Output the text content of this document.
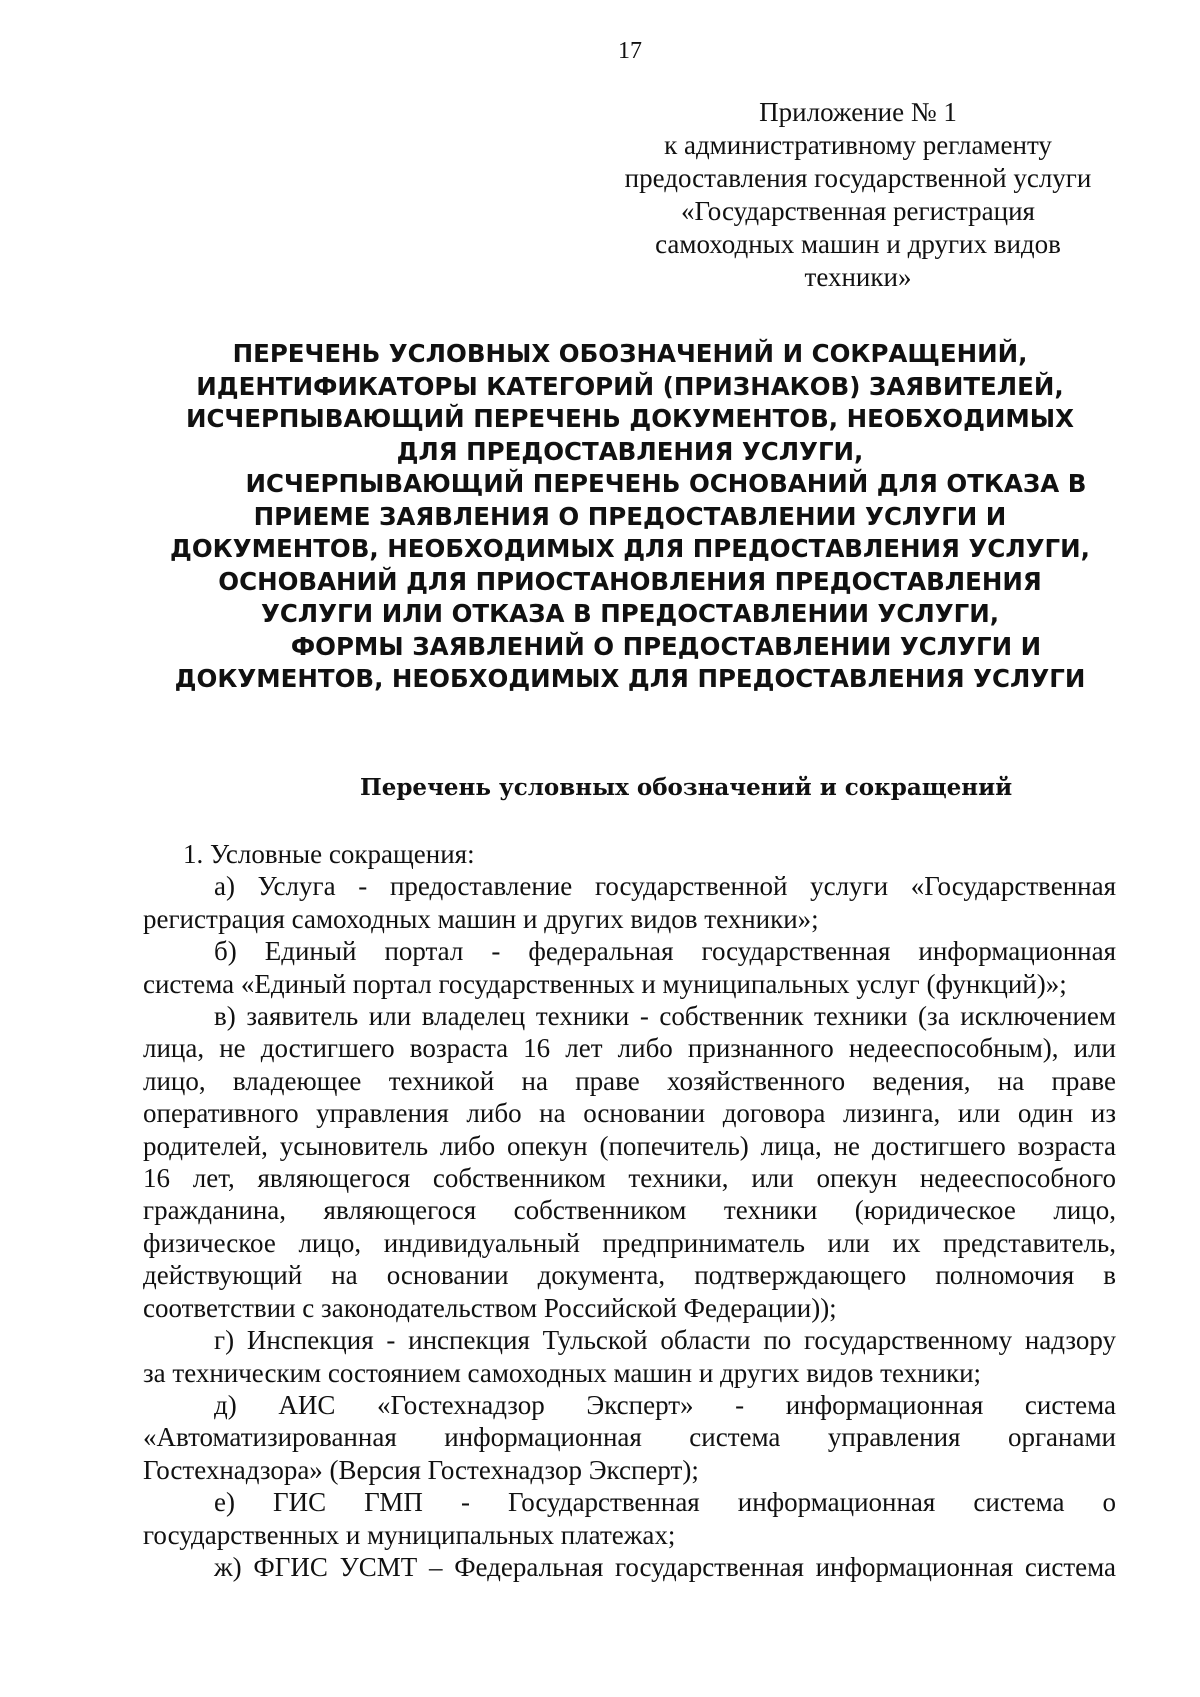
17
Приложение № 1
к административному регламенту
предоставления государственной услуги
«Государственная регистрация
самоходных машин и других видов
техники»
ПЕРЕЧЕНЬ УСЛОВНЫХ ОБОЗНАЧЕНИЙ И СОКРАЩЕНИЙ,
ИДЕНТИФИКАТОРЫ КАТЕГОРИЙ (ПРИЗНАКОВ) ЗАЯВИТЕЛЕЙ,
ИСЧЕРПЫВАЮЩИЙ ПЕРЕЧЕНЬ ДОКУМЕНТОВ, НЕОБХОДИМЫХ
ДЛЯ ПРЕДОСТАВЛЕНИЯ УСЛУГИ,
ИСЧЕРПЫВАЮЩИЙ ПЕРЕЧЕНЬ ОСНОВАНИЙ ДЛЯ ОТКАЗА В
ПРИЕМЕ ЗАЯВЛЕНИЯ О ПРЕДОСТАВЛЕНИИ УСЛУГИ И
ДОКУМЕНТОВ, НЕОБХОДИМЫХ ДЛЯ ПРЕДОСТАВЛЕНИЯ УСЛУГИ,
ОСНОВАНИЙ ДЛЯ ПРИОСТАНОВЛЕНИЯ ПРЕДОСТАВЛЕНИЯ
УСЛУГИ ИЛИ ОТКАЗА В ПРЕДОСТАВЛЕНИИ УСЛУГИ,
ФОРМЫ ЗАЯВЛЕНИЙ О ПРЕДОСТАВЛЕНИИ УСЛУГИ И
ДОКУМЕНТОВ, НЕОБХОДИМЫХ ДЛЯ ПРЕДОСТАВЛЕНИЯ УСЛУГИ
Перечень условных обозначений и сокращений
1. Условные сокращения:
а) Услуга - предоставление государственной услуги «Государственная
регистрация самоходных машин и других видов техники»;
б) Единый портал - федеральная государственная информационная
система «Единый портал государственных и муниципальных услуг (функций)»;
в) заявитель или владелец техники - собственник техники (за исключением
лица, не достигшего возраста 16 лет либо признанного недееспособным), или
лицо, владеющее техникой на праве хозяйственного ведения, на праве
оперативного управления либо на основании договора лизинга, или один из
родителей, усыновитель либо опекун (попечитель) лица, не достигшего возраста
16 лет, являющегося собственником техники, или опекун недееспособного
гражданина, являющегося собственником техники (юридическое лицо,
физическое лицо, индивидуальный предприниматель или их представитель,
действующий на основании документа, подтверждающего полномочия в
соответствии с законодательством Российской Федерации));
г) Инспекция - инспекция Тульской области по государственному надзору
за техническим состоянием самоходных машин и других видов техники;
д) АИС «Гостехнадзор Эксперт» - информационная система
«Автоматизированная информационная система управления органами
Гостехнадзора» (Версия Гостехнадзор Эксперт);
е) ГИС ГМП - Государственная информационная система о
государственных и муниципальных платежах;
ж) ФГИС УСМТ – Федеральная государственная информационная система
